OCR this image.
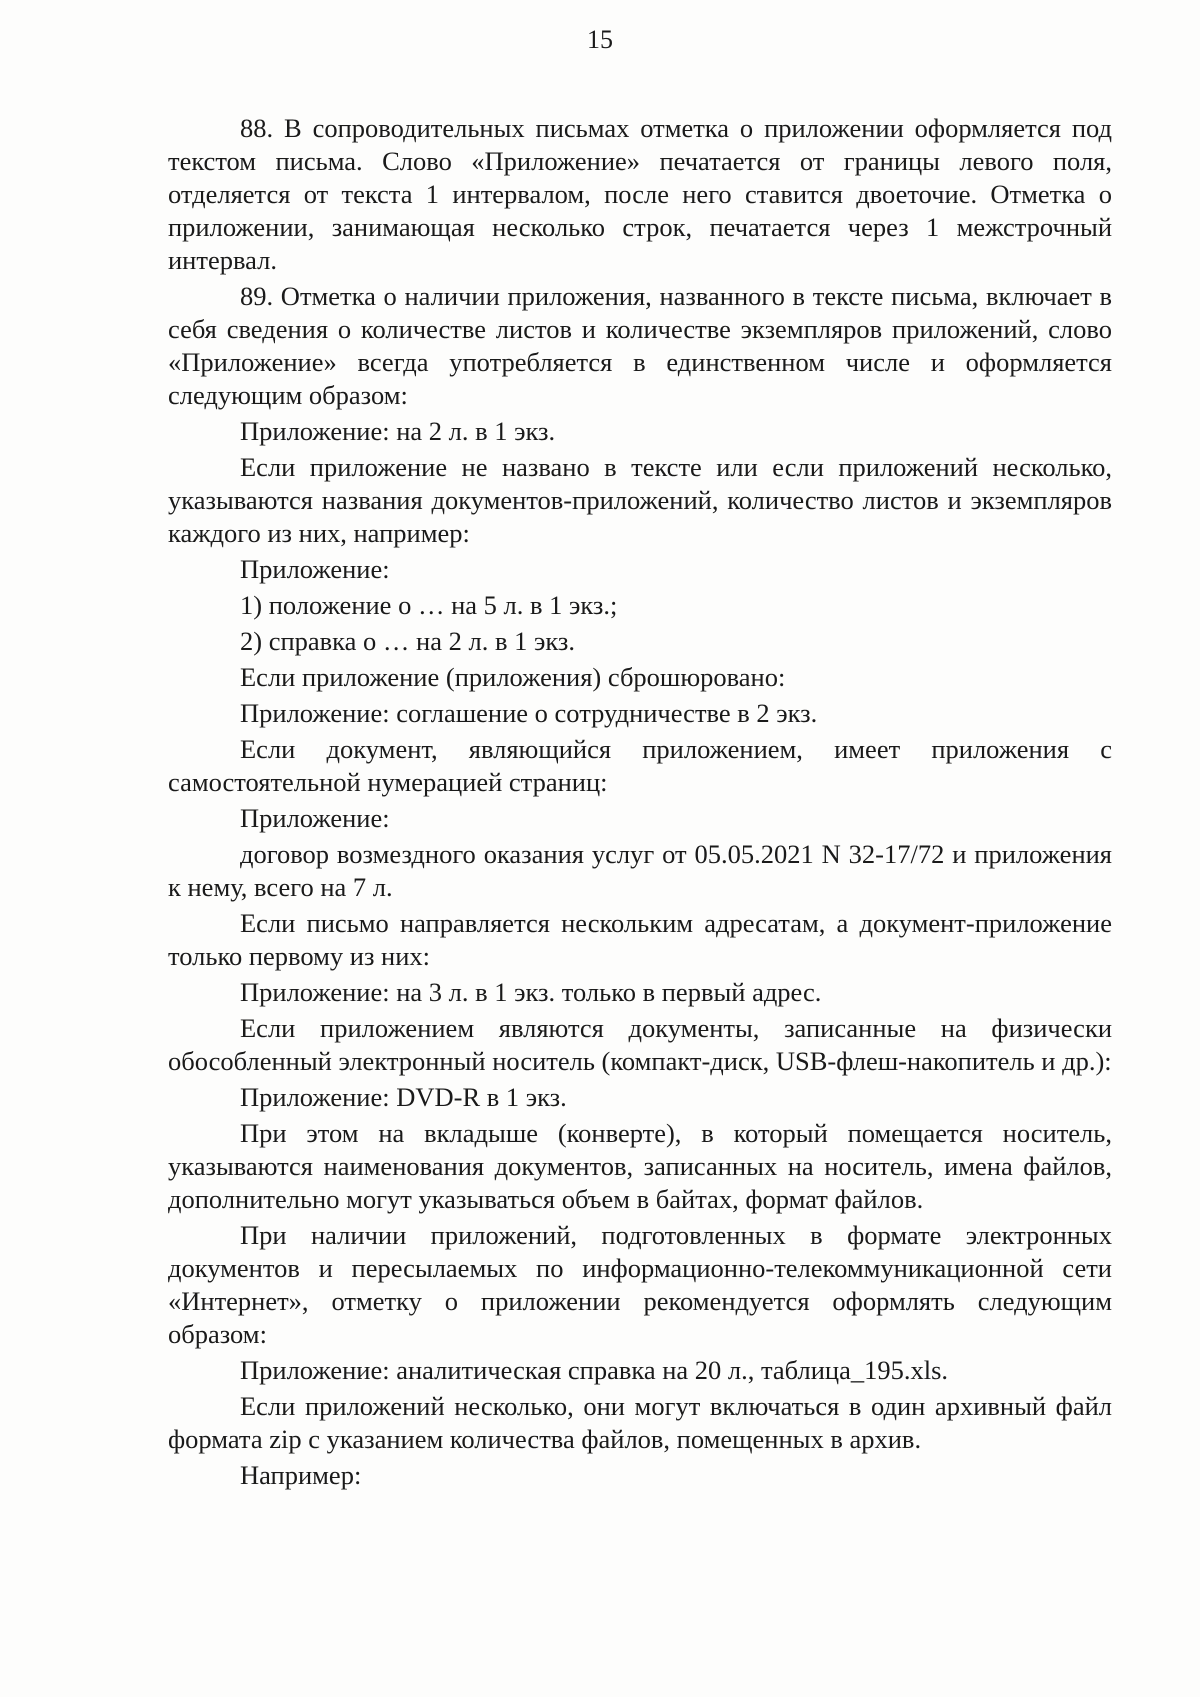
15

88. В сопроводительных письмах отметка о приложении оформляется под текстом письма. Слово «Приложение» печатается от границы левого поля, отделяется от текста 1 интервалом, после него ставится двоеточие. Отметка о приложении, занимающая несколько строк, печатается через 1 межстрочный интервал.

89. Отметка о наличии приложения, названного в тексте письма, включает в себя сведения о количестве листов и количестве экземпляров приложений, слово «Приложение» всегда употребляется в единственном числе и оформляется следующим образом:

Приложение: на 2 л. в 1 экз.

Если приложение не названо в тексте или если приложений несколько, указываются названия документов-приложений, количество листов и экземпляров каждого из них, например:

Приложение:

1) положение о … на 5 л. в 1 экз.;

2) справка о … на 2 л. в 1 экз.

Если приложение (приложения) сброшюровано:

Приложение: соглашение о сотрудничестве в 2 экз.

Если документ, являющийся приложением, имеет приложения с самостоятельной нумерацией страниц:

Приложение:

договор возмездного оказания услуг от 05.05.2021 N 32-17/72 и приложения к нему, всего на 7 л.

Если письмо направляется нескольким адресатам, а документ-приложение только первому из них:

Приложение: на 3 л. в 1 экз. только в первый адрес.

Если приложением являются документы, записанные на физически обособленный электронный носитель (компакт-диск, USB-флеш-накопитель и др.):

Приложение: DVD-R в 1 экз.

При этом на вкладыше (конверте), в который помещается носитель, указываются наименования документов, записанных на носитель, имена файлов, дополнительно могут указываться объем в байтах, формат файлов.

При наличии приложений, подготовленных в формате электронных документов и пересылаемых по информационно-телекоммуникационной сети «Интернет», отметку о приложении рекомендуется оформлять следующим образом:

Приложение: аналитическая справка на 20 л., таблица_195.xls.

Если приложений несколько, они могут включаться в один архивный файл формата zip с указанием количества файлов, помещенных в архив.

Например:
